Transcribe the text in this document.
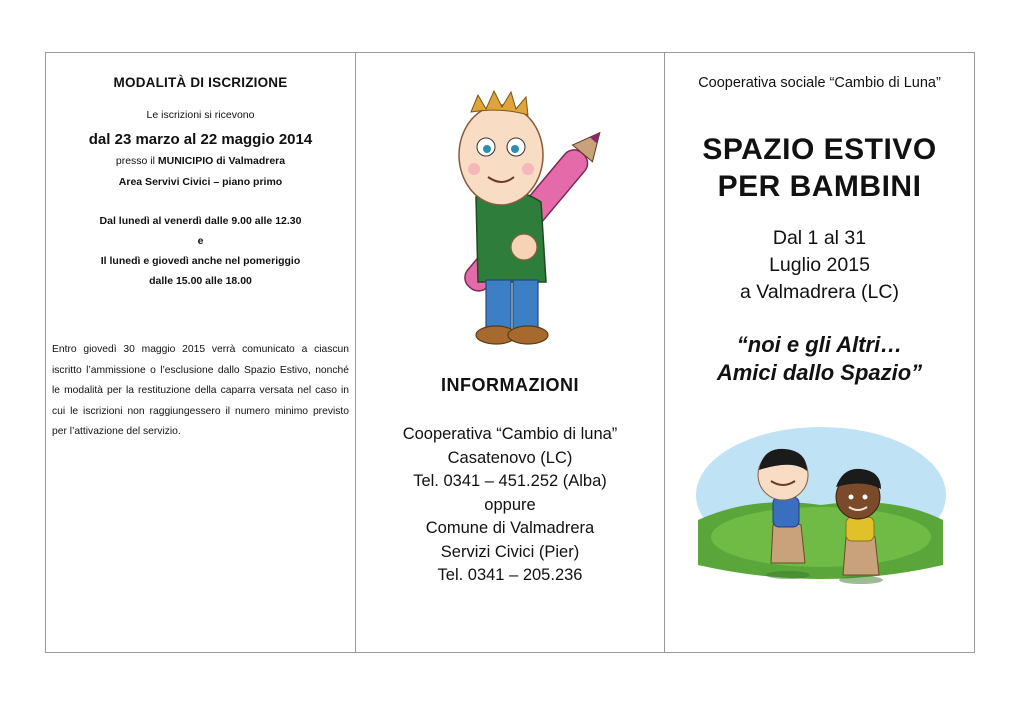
MODALITÀ DI ISCRIZIONE
Le iscrizioni si ricevono
dal 23 marzo al 22 maggio 2014
presso il MUNICIPIO di Valmadrera
Area Servivi Civici – piano primo
Dal lunedì al venerdì dalle 9.00 alle 12.30
e
Il lunedì e giovedì anche nel pomeriggio
dalle 15.00 alle 18.00
Entro giovedì 30 maggio 2015 verrà comunicato a ciascun iscritto l’ammissione o l’esclusione dallo Spazio Estivo, nonché le modalità per la restituzione della caparra versata nel caso in cui le iscrizioni non raggiungessero il numero minimo previsto per l’attivazione del servizio.
INFORMAZIONI
Cooperativa “Cambio di luna”
Casatenovo (LC)
Tel. 0341 – 451.252 (Alba)
oppure
Comune di Valmadrera
Servizi Civici (Pier)
Tel. 0341 – 205.236
Cooperativa sociale “Cambio di Luna”
SPAZIO ESTIVO
PER BAMBINI
Dal 1 al 31
Luglio 2015
a Valmadrera (LC)
“noi e gli Altri…
Amici dallo Spazio”
